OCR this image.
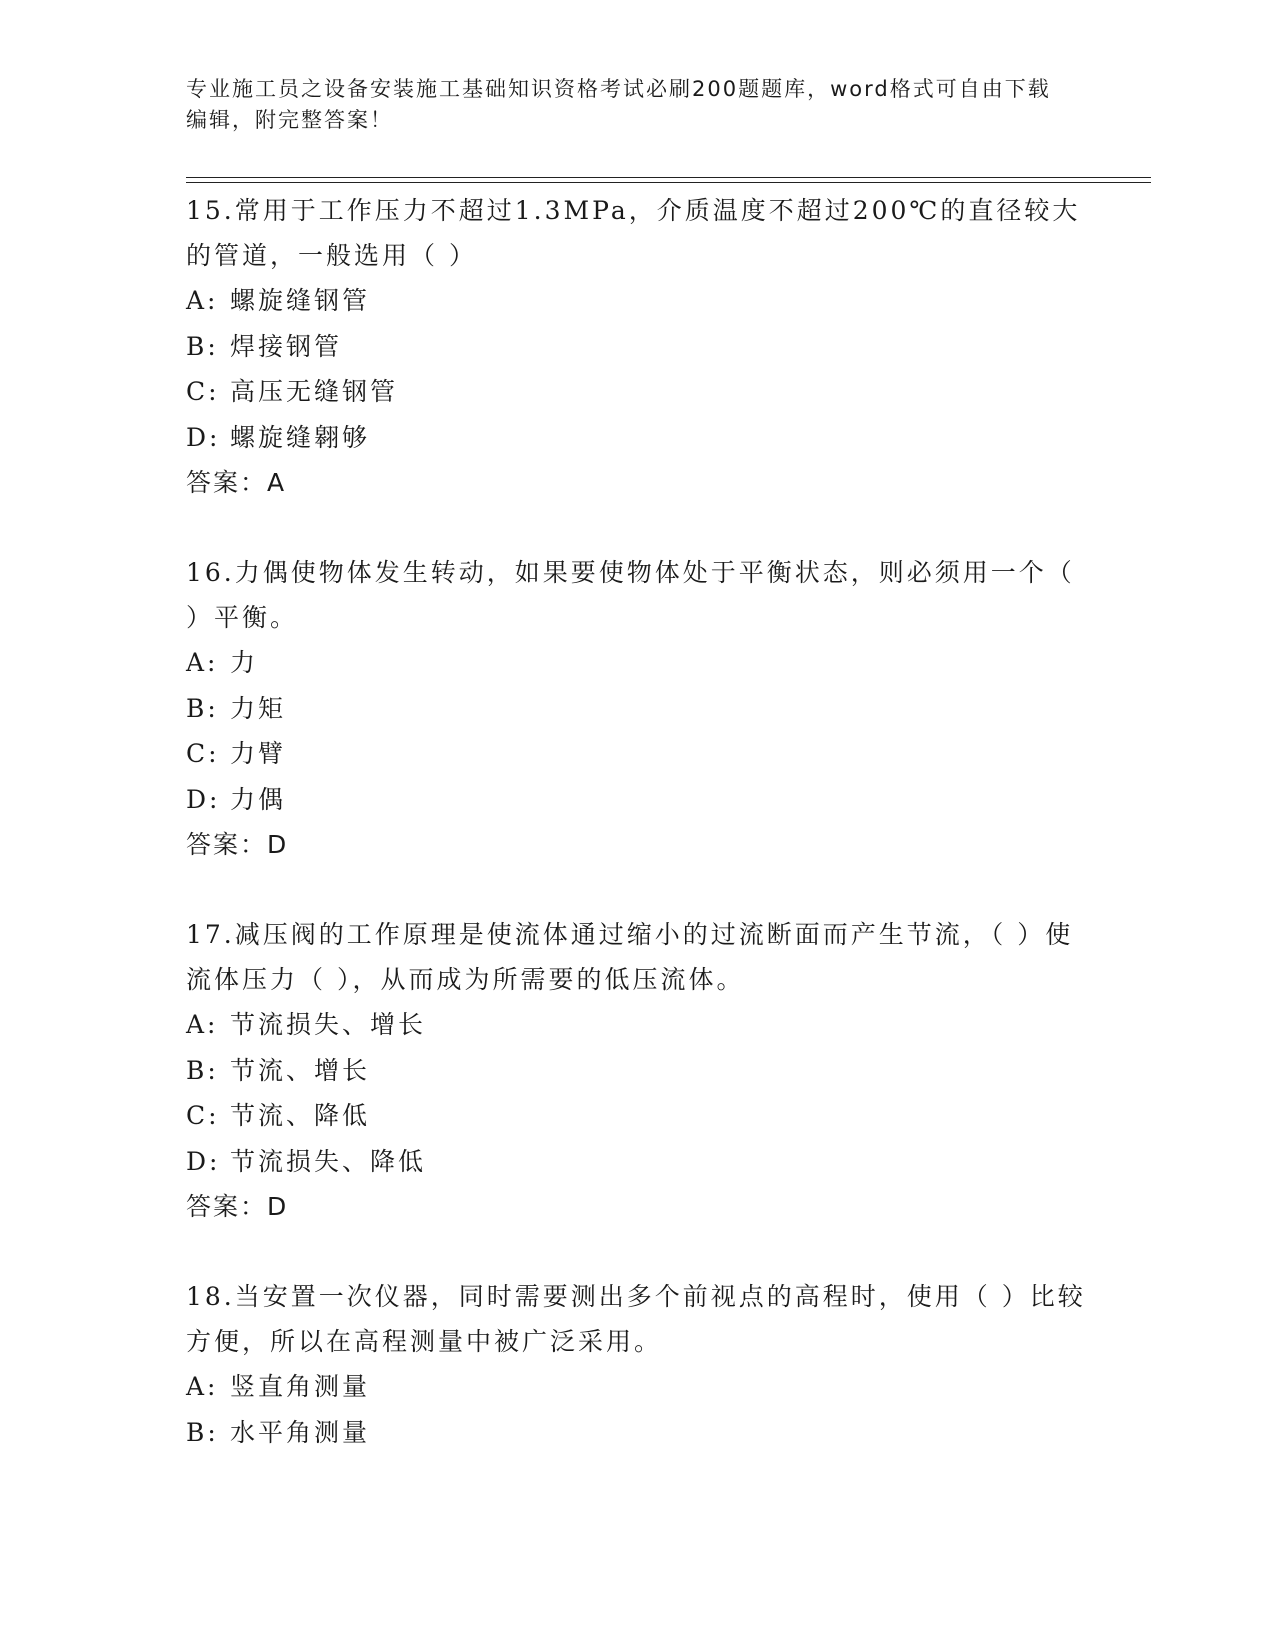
专业施工员之设备安装施工基础知识资格考试必刷200题题库，word格式可自由下载编辑，附完整答案！

15.常用于工作压力不超过1.3MPa，介质温度不超过200℃的直径较大的管道，一般选用（ ）

A: 螺旋缝钢管

B: 焊接钢管

C: 高压无缝钢管

D: 螺旋缝翱够

答案：A

16.力偶使物体发生转动，如果要使物体处于平衡状态，则必须用一个（ ）平衡。

A: 力

B: 力矩

C: 力臂

D: 力偶

答案：D

17.减压阀的工作原理是使流体通过缩小的过流断面而产生节流，（ ）使流体压力（ ），从而成为所需要的低压流体。

A: 节流损失、增长

B: 节流、增长

C: 节流、降低

D: 节流损失、降低

答案：D

18.当安置一次仪器，同时需要测出多个前视点的高程时，使用（ ）比较方便，所以在高程测量中被广泛采用。

A: 竖直角测量

B: 水平角测量
